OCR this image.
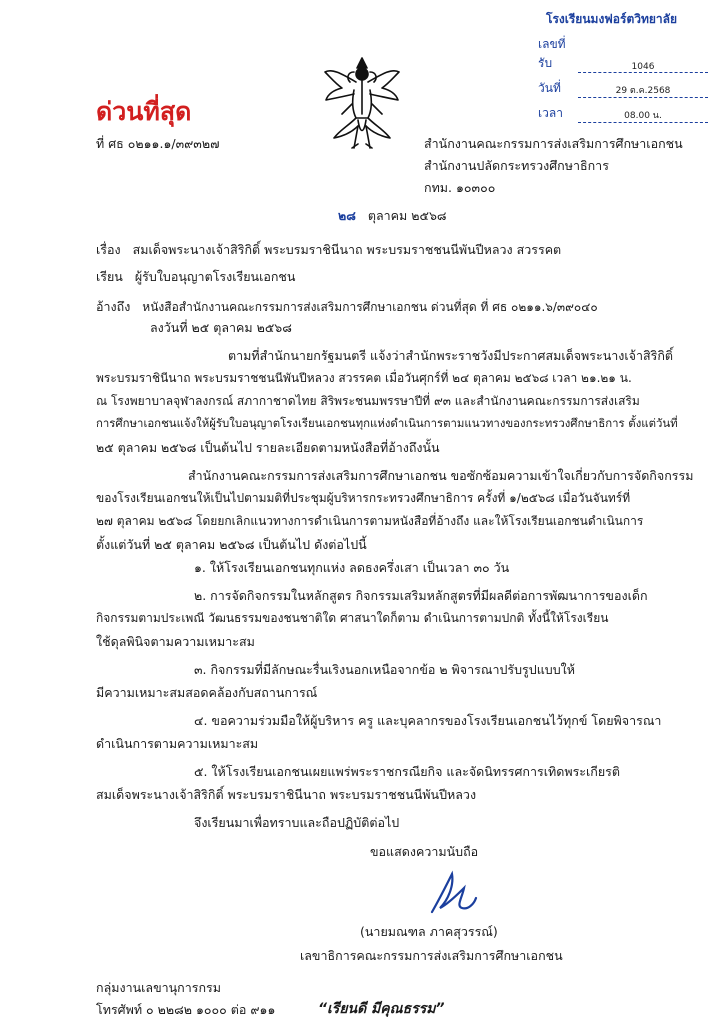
โรงเรียนมงฟอร์ตวิทยาลัย
เลขที่รับ	1046
วันที่	29 ต.ค.2568
เวลา	08.00 น.
ด่วนที่สุด
ที่ ศธ ๐๒๑๑.๑/๓๙๓๒๗	สำนักงานคณะกรรมการส่งเสริมการศึกษาเอกชน
สำนักงานปลัดกระทรวงศึกษาธิการ
กทม. ๑๐๓๐๐
๒๘ ตุลาคม ๒๕๖๘
เรื่อง สมเด็จพระนางเจ้าสิริกิติ์ พระบรมราชินีนาถ พระบรมราชชนนีพันปีหลวง สวรรคต
เรียน ผู้รับใบอนุญาตโรงเรียนเอกชน
อ้างถึง หนังสือสำนักงานคณะกรรมการส่งเสริมการศึกษาเอกชน ด่วนที่สุด ที่ ศธ ๐๒๑๑.๖/๓๙๐๔๐
ลงวันที่ ๒๕ ตุลาคม ๒๕๖๘
ตามที่สำนักนายกรัฐมนตรี แจ้งว่าสำนักพระราชวังมีประกาศสมเด็จพระนางเจ้าสิริกิติ์
พระบรมราชินีนาถ พระบรมราชชนนีพันปีหลวง สวรรคต เมื่อวันศุกร์ที่ ๒๔ ตุลาคม ๒๕๖๘ เวลา ๒๑.๒๑ น.
ณ โรงพยาบาลจุฬาลงกรณ์ สภากาชาดไทย สิริพระชนมพรรษาปีที่ ๙๓ และสำนักงานคณะกรรมการส่งเสริม
การศึกษาเอกชนแจ้งให้ผู้รับใบอนุญาตโรงเรียนเอกชนทุกแห่งดำเนินการตามแนวทางของกระทรวงศึกษาธิการ ตั้งแต่วันที่
๒๕ ตุลาคม ๒๕๖๘ เป็นต้นไป รายละเอียดตามหนังสือที่อ้างถึงนั้น
สำนักงานคณะกรรมการส่งเสริมการศึกษาเอกชน ขอซักซ้อมความเข้าใจเกี่ยวกับการจัดกิจกรรม
ของโรงเรียนเอกชนให้เป็นไปตามมติที่ประชุมผู้บริหารกระทรวงศึกษาธิการ ครั้งที่ ๑/๒๕๖๘ เมื่อวันจันทร์ที่
๒๗ ตุลาคม ๒๕๖๘ โดยยกเลิกแนวทางการดำเนินการตามหนังสือที่อ้างถึง และให้โรงเรียนเอกชนดำเนินการ
ตั้งแต่วันที่ ๒๕ ตุลาคม ๒๕๖๘ เป็นต้นไป ดังต่อไปนี้
๑. ให้โรงเรียนเอกชนทุกแห่ง ลดธงครึ่งเสา เป็นเวลา ๓๐ วัน
๒. การจัดกิจกรรมในหลักสูตร กิจกรรมเสริมหลักสูตรที่มีผลดีต่อการพัฒนาการของเด็ก
กิจกรรมตามประเพณี วัฒนธรรมของชนชาติใด ศาสนาใดก็ตาม ดำเนินการตามปกติ ทั้งนี้ให้โรงเรียน
ใช้ดุลพินิจตามความเหมาะสม
๓. กิจกรรมที่มีลักษณะรื่นเริงนอกเหนือจากข้อ ๒ พิจารณาปรับรูปแบบให้
มีความเหมาะสมสอดคล้องกับสถานการณ์
๔. ขอความร่วมมือให้ผู้บริหาร ครู และบุคลากรของโรงเรียนเอกชนไว้ทุกข์ โดยพิจารณา
ดำเนินการตามความเหมาะสม
๕. ให้โรงเรียนเอกชนเผยแพร่พระราชกรณียกิจ และจัดนิทรรศการเทิดพระเกียรติ
สมเด็จพระนางเจ้าสิริกิติ์ พระบรมราชินีนาถ พระบรมราชชนนีพันปีหลวง
จึงเรียนมาเพื่อทราบและถือปฏิบัติต่อไป
ขอแสดงความนับถือ
(นายมณฑล ภาคสุวรรณ์)
เลขาธิการคณะกรรมการส่งเสริมการศึกษาเอกชน
กลุ่มงานเลขานุการกรม
โทรศัพท์ ๐ ๒๒๘๒ ๑๐๐๐ ต่อ ๙๑๑	“เรียนดี มีคุณธรรม”
